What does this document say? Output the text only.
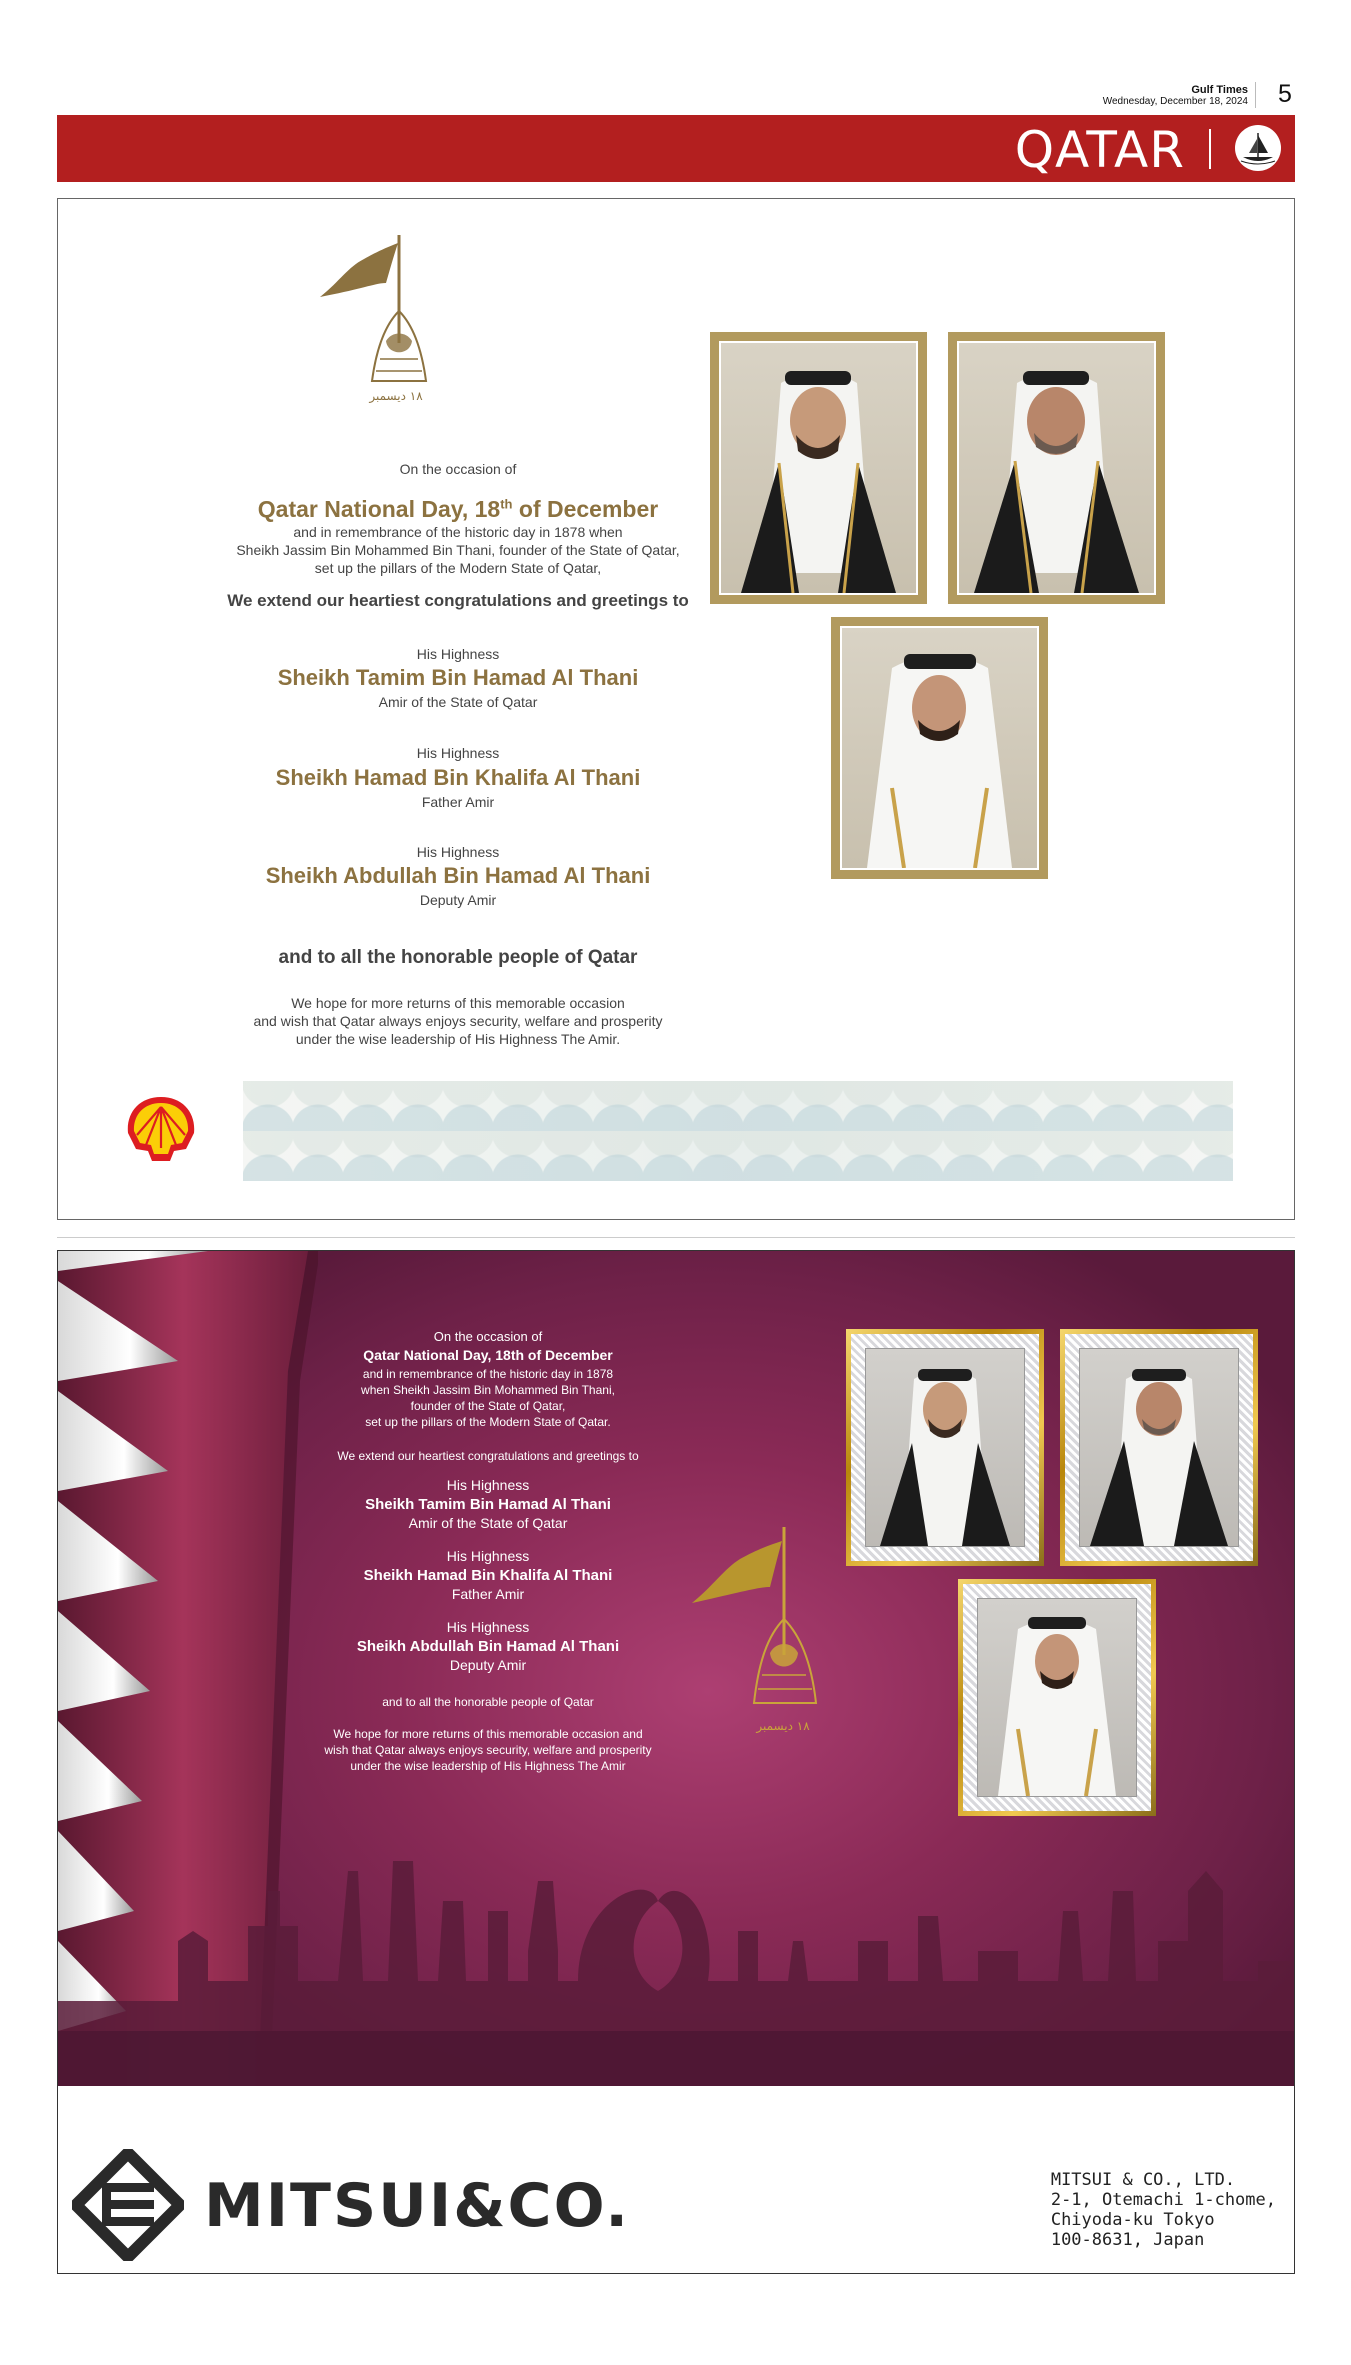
Gulf Times
Wednesday, December 18, 2024 5
QATAR
١٨ ديسمبر
On the occasion of
Qatar National Day, 18th of December
and in remembrance of the historic day in 1878 when
Sheikh Jassim Bin Mohammed Bin Thani, founder of the State of Qatar,
set up the pillars of the Modern State of Qatar,
We extend our heartiest congratulations and greetings to
His Highness
Sheikh Tamim Bin Hamad Al Thani
Amir of the State of Qatar
His Highness
Sheikh Hamad Bin Khalifa Al Thani
Father Amir
His Highness
Sheikh Abdullah Bin Hamad Al Thani
Deputy Amir
and to all the honorable people of Qatar
We hope for more returns of this memorable occasion
and wish that Qatar always enjoys security, welfare and prosperity
under the wise leadership of His Highness The Amir.
On the occasion of
Qatar National Day, 18th of December
and in remembrance of the historic day in 1878
when Sheikh Jassim Bin Mohammed Bin Thani,
founder of the State of Qatar,
set up the pillars of the Modern State of Qatar.
We extend our heartiest congratulations and greetings to
His Highness
Sheikh Tamim Bin Hamad Al Thani
Amir of the State of Qatar
His Highness
Sheikh Hamad Bin Khalifa Al Thani
Father Amir
His Highness
Sheikh Abdullah Bin Hamad Al Thani
Deputy Amir
and to all the honorable people of Qatar
We hope for more returns of this memorable occasion and
wish that Qatar always enjoys security, welfare and prosperity
under the wise leadership of His Highness The Amir
١٨ ديسمبر
MITSUI&CO.	MITSUI & CO., LTD.
2-1, Otemachi 1-chome,
Chiyoda-ku Tokyo
100-8631, Japan
